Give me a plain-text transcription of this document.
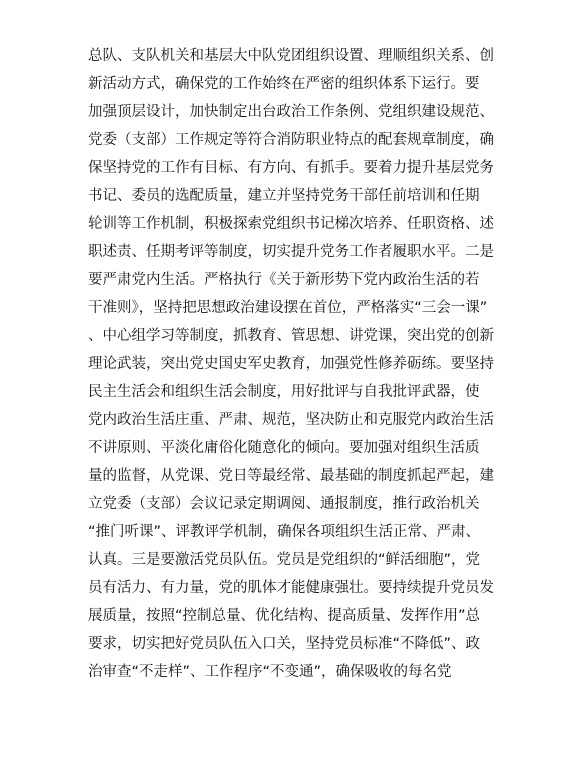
总队、支队机关和基层大中队党团组织设置、理顺组织关系、创
新活动方式，确保党的工作始终在严密的组织体系下运行。要
加强顶层设计，加快制定出台政治工作条例、党组织建设规范、
党委（支部）工作规定等符合消防职业特点的配套规章制度，确
保坚持党的工作有目标、有方向、有抓手。要着力提升基层党务
书记、委员的选配质量，建立并坚持党务干部任前培训和任期
轮训等工作机制，积极探索党组织书记梯次培养、任职资格、述
职述责、任期考评等制度，切实提升党务工作者履职水平。二是
要严肃党内生活。严格执行《关于新形势下党内政治生活的若
干准则》，坚持把思想政治建设摆在首位，严格落实“三会一课”
、中心组学习等制度，抓教育、管思想、讲党课，突出党的创新
理论武装，突出党史国史军史教育，加强党性修养砺练。要坚持
民主生活会和组织生活会制度，用好批评与自我批评武器，使
党内政治生活庄重、严肃、规范，坚决防止和克服党内政治生活
不讲原则、平淡化庸俗化随意化的倾向。要加强对组织生活质
量的监督，从党课、党日等最经常、最基础的制度抓起严起，建
立党委（支部）会议记录定期调阅、通报制度，推行政治机关
“推门听课”、评教评学机制，确保各项组织生活正常、严肃、
认真。三是要激活党员队伍。党员是党组织的“鲜活细胞”，党
员有活力、有力量，党的肌体才能健康强壮。要持续提升党员发
展质量，按照“控制总量、优化结构、提高质量、发挥作用”总
要求，切实把好党员队伍入口关，坚持党员标准“不降低”、政
治审查“不走样”、工作程序“不变通”，确保吸收的每名党
